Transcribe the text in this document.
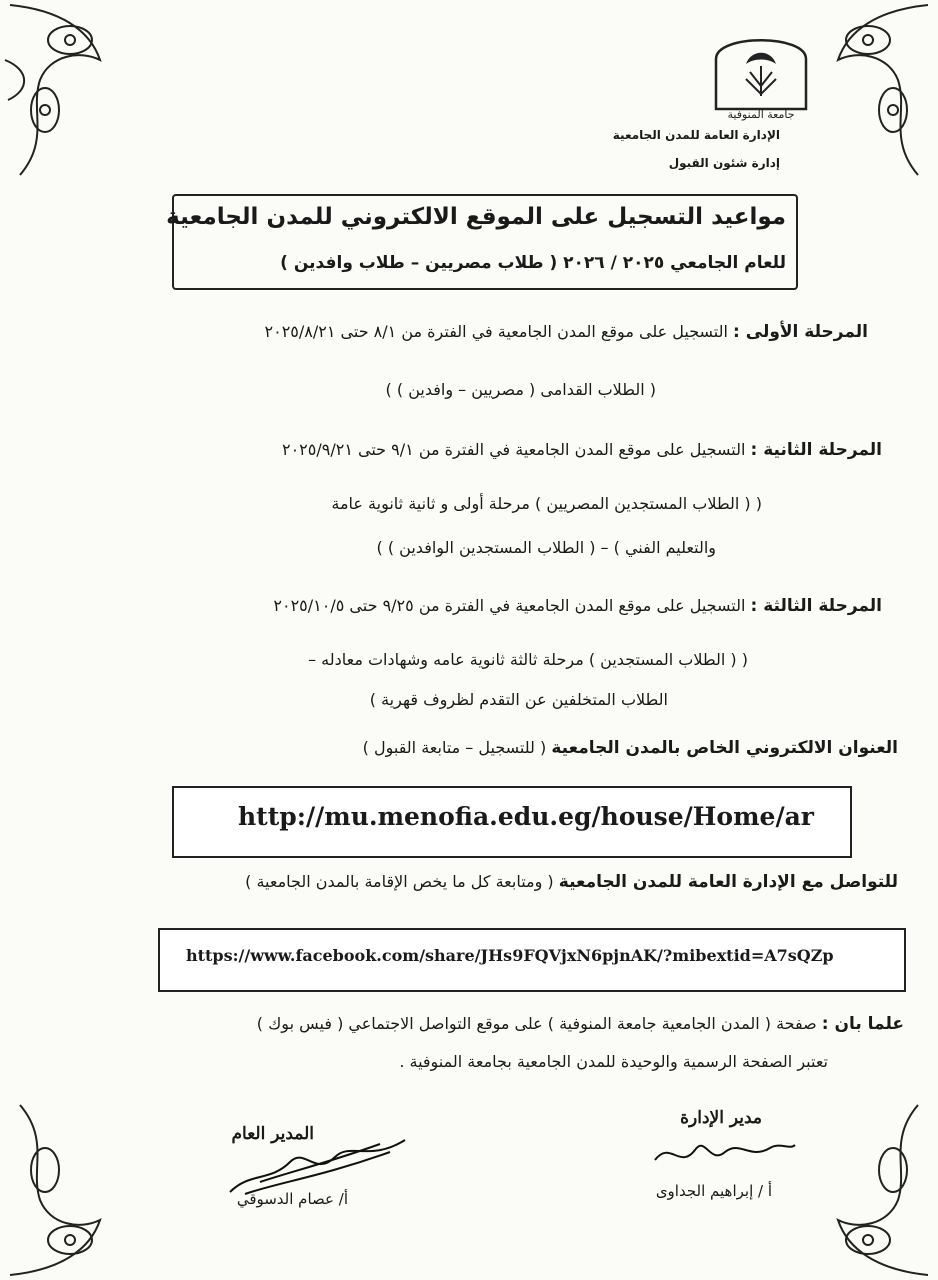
جامعة المنوفية
الإدارة العامة للمدن الجامعية
إدارة شئون القبول
مواعيد التسجيل على الموقع الالكتروني للمدن الجامعية
للعام الجامعي ٢٠٢٥ / ٢٠٢٦ ( طلاب مصريين – طلاب وافدين )
المرحلة الأولى : التسجيل على موقع المدن الجامعية في الفترة من ٨/١ حتى ٢٠٢٥/٨/٢١
( الطلاب القدامى ( مصريين – وافدين ) )
المرحلة الثانية : التسجيل على موقع المدن الجامعية في الفترة من ٩/١ حتى ٢٠٢٥/٩/٢١
( ( الطلاب المستجدين المصريين ) مرحلة أولى و ثانية ثانوية عامة
والتعليم الفني ) – ( الطلاب المستجدين الوافدين ) )
المرحلة الثالثة : التسجيل على موقع المدن الجامعية في الفترة من ٩/٢٥ حتى ٢٠٢٥/١٠/٥
( ( الطلاب المستجدين ) مرحلة ثالثة ثانوية عامه وشهادات معادله –
الطلاب المتخلفين عن التقدم لظروف قهرية )
العنوان الالكتروني الخاص بالمدن الجامعية ( للتسجيل – متابعة القبول )
http://mu.menofia.edu.eg/house/Home/ar
للتواصل مع الإدارة العامة للمدن الجامعية ( ومتابعة كل ما يخص الإقامة بالمدن الجامعية )
https://www.facebook.com/share/JHs9FQVjxN6pjnAK/?mibextid=A7sQZp
علما بان : صفحة ( المدن الجامعية جامعة المنوفية ) على موقع التواصل الاجتماعي ( فيس بوك )
تعتبر الصفحة الرسمية والوحيدة للمدن الجامعية بجامعة المنوفية .
مدير الإدارة
أ / إبراهيم الجداوى
المدير العام
أ/ عصام الدسوقي
